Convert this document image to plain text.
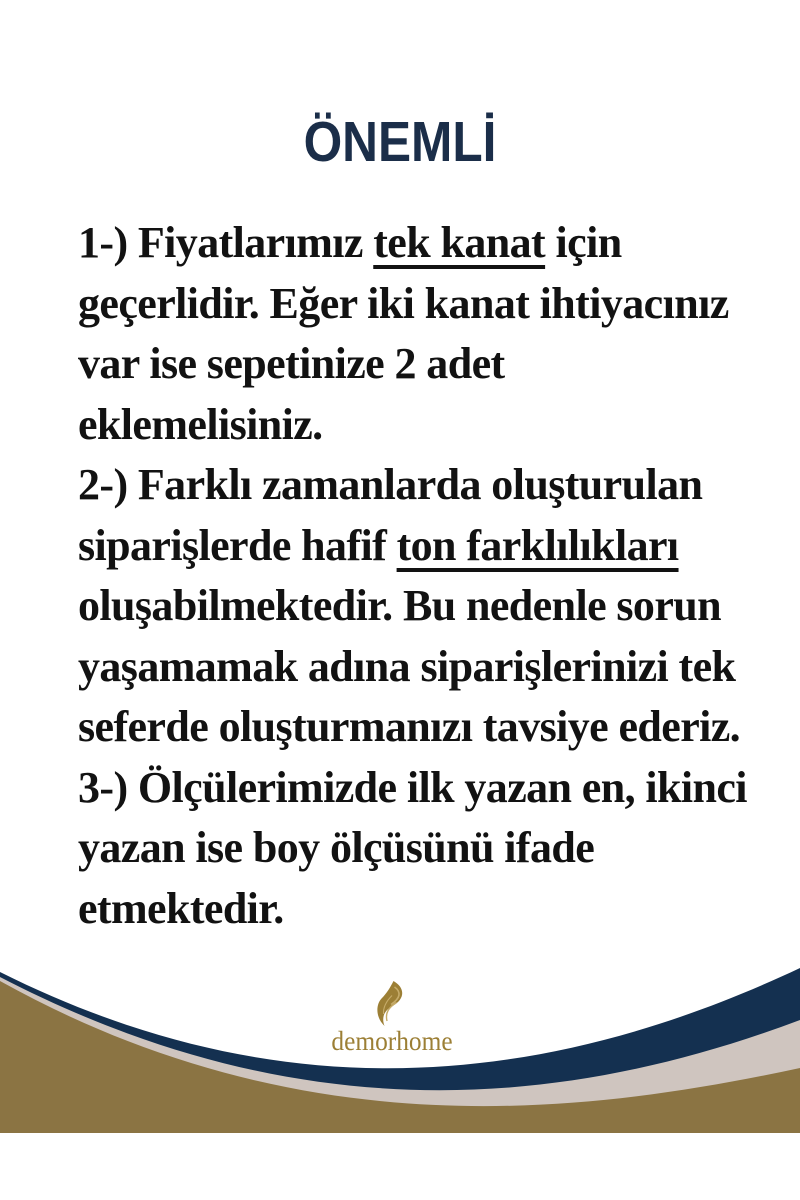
ÖNEMLİ
1-) Fiyatlarımız tek kanat için
geçerlidir. Eğer iki kanat ihtiyacınız
var ise sepetinize 2 adet
eklemelisiniz.
2-) Farklı zamanlarda oluşturulan
siparişlerde hafif ton farklılıkları
oluşabilmektedir. Bu nedenle sorun
yaşamamak adına siparişlerinizi tek
seferde oluşturmanızı tavsiye ederiz.
3-) Ölçülerimizde ilk yazan en, ikinci
yazan ise boy ölçüsünü ifade
etmektedir.
demorhome
